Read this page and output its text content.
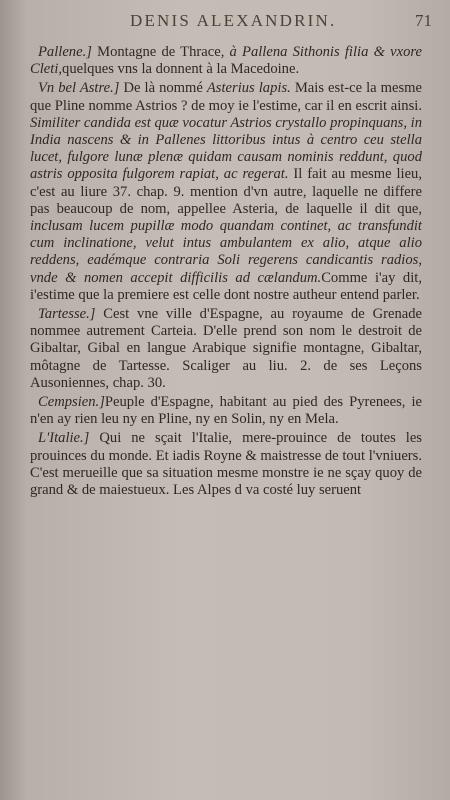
DENIS ALEXANDRIN.	71

Pallene.] Montagne de Thrace, à Pallena Sithonis filia & vxore Cleti,quelques vns la donnent à la Macedoine.

Vn bel Astre.] De là nommé Asterius lapis. Mais est-ce la mesme que Pline nomme Astrios ? de moy ie l'estime, car il en escrit ainsi. Similiter candida est quæ vocatur Astrios crystallo propinquans, in India nascens & in Pallenes littoribus intus à centro ceu stella lucet, fulgore lunæ plenæ quidam causam nominis reddunt, quod astris opposita fulgorem rapiat, ac regerat. Il fait au mesme lieu, c'est au liure 37. chap. 9. mention d'vn autre, laquelle ne differe pas beaucoup de nom, appellee Asteria, de laquelle il dit que, inclusam lucem pupillæ modo quandam continet, ac transfundit cum inclinatione, velut intus ambulantem ex alio, atque alio reddens, eadémque contraria Soli regerens candicantis radios, vnde & nomen accepit difficilis ad cælandum.Comme i'ay dit, i'estime que la premiere est celle dont nostre autheur entend parler.

Tartesse.] Cest vne ville d'Espagne, au royaume de Grenade nommee autrement Carteia. D'elle prend son nom le destroit de Gibaltar, Gibal en langue Arabique signifie montagne, Gibaltar, môtagne de Tartesse. Scaliger au liu. 2. de ses Leçons Ausoniennes, chap. 30.

Cempsien.]Peuple d'Espagne, habitant au pied des Pyrenees, ie n'en ay rien leu ny en Pline, ny en Solin, ny en Mela.

L'Italie.] Qui ne sçait l'Italie, mere-prouince de toutes les prouinces du monde. Et iadis Royne & maistresse de tout l'vniuers. C'est merueille que sa situation mesme monstre ie ne sçay quoy de grand & de maiestueux. Les Alpes d va costé luy seruent
